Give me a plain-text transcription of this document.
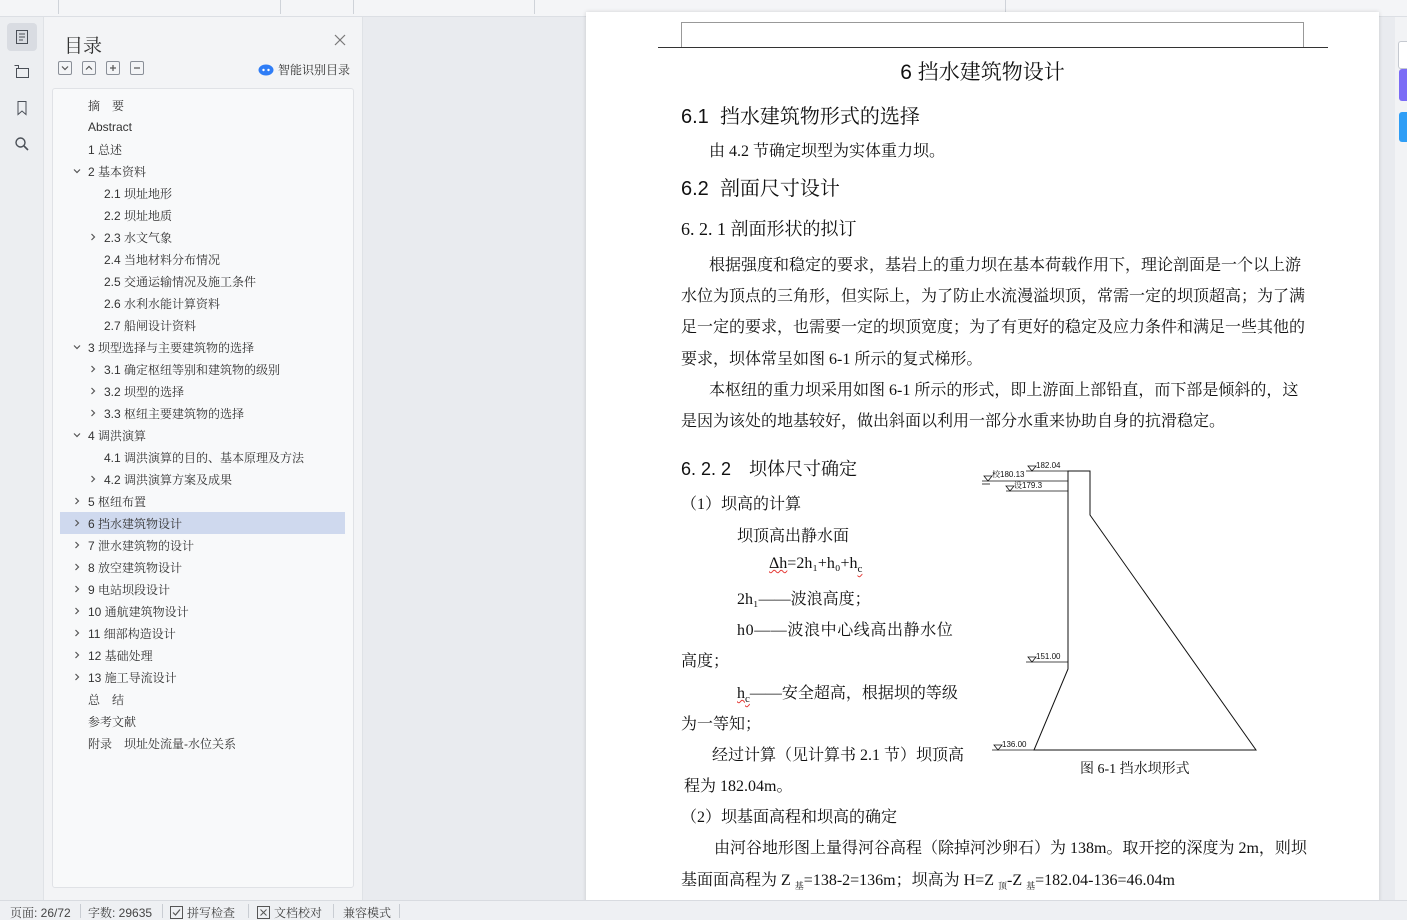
目录
智能识别目录
摘　要
Abstract
1 总述
2 基本资料
2.1 坝址地形
2.2 坝址地质
2.3 水文气象
2.4 当地材料分布情况
2.5 交通运输情况及施工条件
2.6 水利水能计算资料
2.7 船闸设计资料
3 坝型选择与主要建筑物的选择
3.1 确定枢纽等别和建筑物的级别
3.2 坝型的选择
3.3 枢纽主要建筑物的选择
4 调洪演算
4.1 调洪演算的目的、基本原理及方法
4.2 调洪演算方案及成果
5 枢纽布置
6 挡水建筑物设计
7 泄水建筑物的设计
8 放空建筑物设计
9 电站坝段设计
10 通航建筑物设计
11 细部构造设计
12 基础处理
13 施工导流设计
总　结
参考文献
附录　坝址处流量-水位关系
6 挡水建筑物设计
6.1 挡水建筑物形式的选择
由 4.2 节确定坝型为实体重力坝。
6.2 剖面尺寸设计
6. 2. 1 剖面形状的拟订
根据强度和稳定的要求，基岩上的重力坝在基本荷载作用下，理论剖面是一个以上游
水位为顶点的三角形，但实际上，为了防止水流漫溢坝顶，常需一定的坝顶超高；为了满
足一定的要求，也需要一定的坝顶宽度；为了有更好的稳定及应力条件和满足一些其他的
要求，坝体常呈如图 6-1 所示的复式梯形。
本枢纽的重力坝采用如图 6-1 所示的形式，即上游面上部铅直，而下部是倾斜的，这
是因为该处的地基较好，做出斜面以利用一部分水重来协助自身的抗滑稳定。
6. 2. 2　坝体尺寸确定
（1）坝高的计算
坝顶高出静水面
$\Delta h=2h_1+h_0+h_c$
2h₁——波浪高度；
h0——波浪中心线高出静水位
高度；
$h_c——$安全超高，根据坝的等级
为一等知；
经过计算（见计算书 2.1 节）坝顶高
程为 182.04m。
（2）坝基面高程和坝高的确定
由河谷地形图上量得河谷高程（除掉河沙卵石）为 138m。取开挖的深度为 2m，则坝
基面面高程为 Z $_基$=138-2=136m；坝高为 H=Z $_顶$-Z $_基$=182.04-136=46.04m
182.04
校180.13
设179.3
151.00
136.00
图 6-1 挡水坝形式
页面: 26/72 字数: 29635	拼写检查	文档校对 兼容模式
